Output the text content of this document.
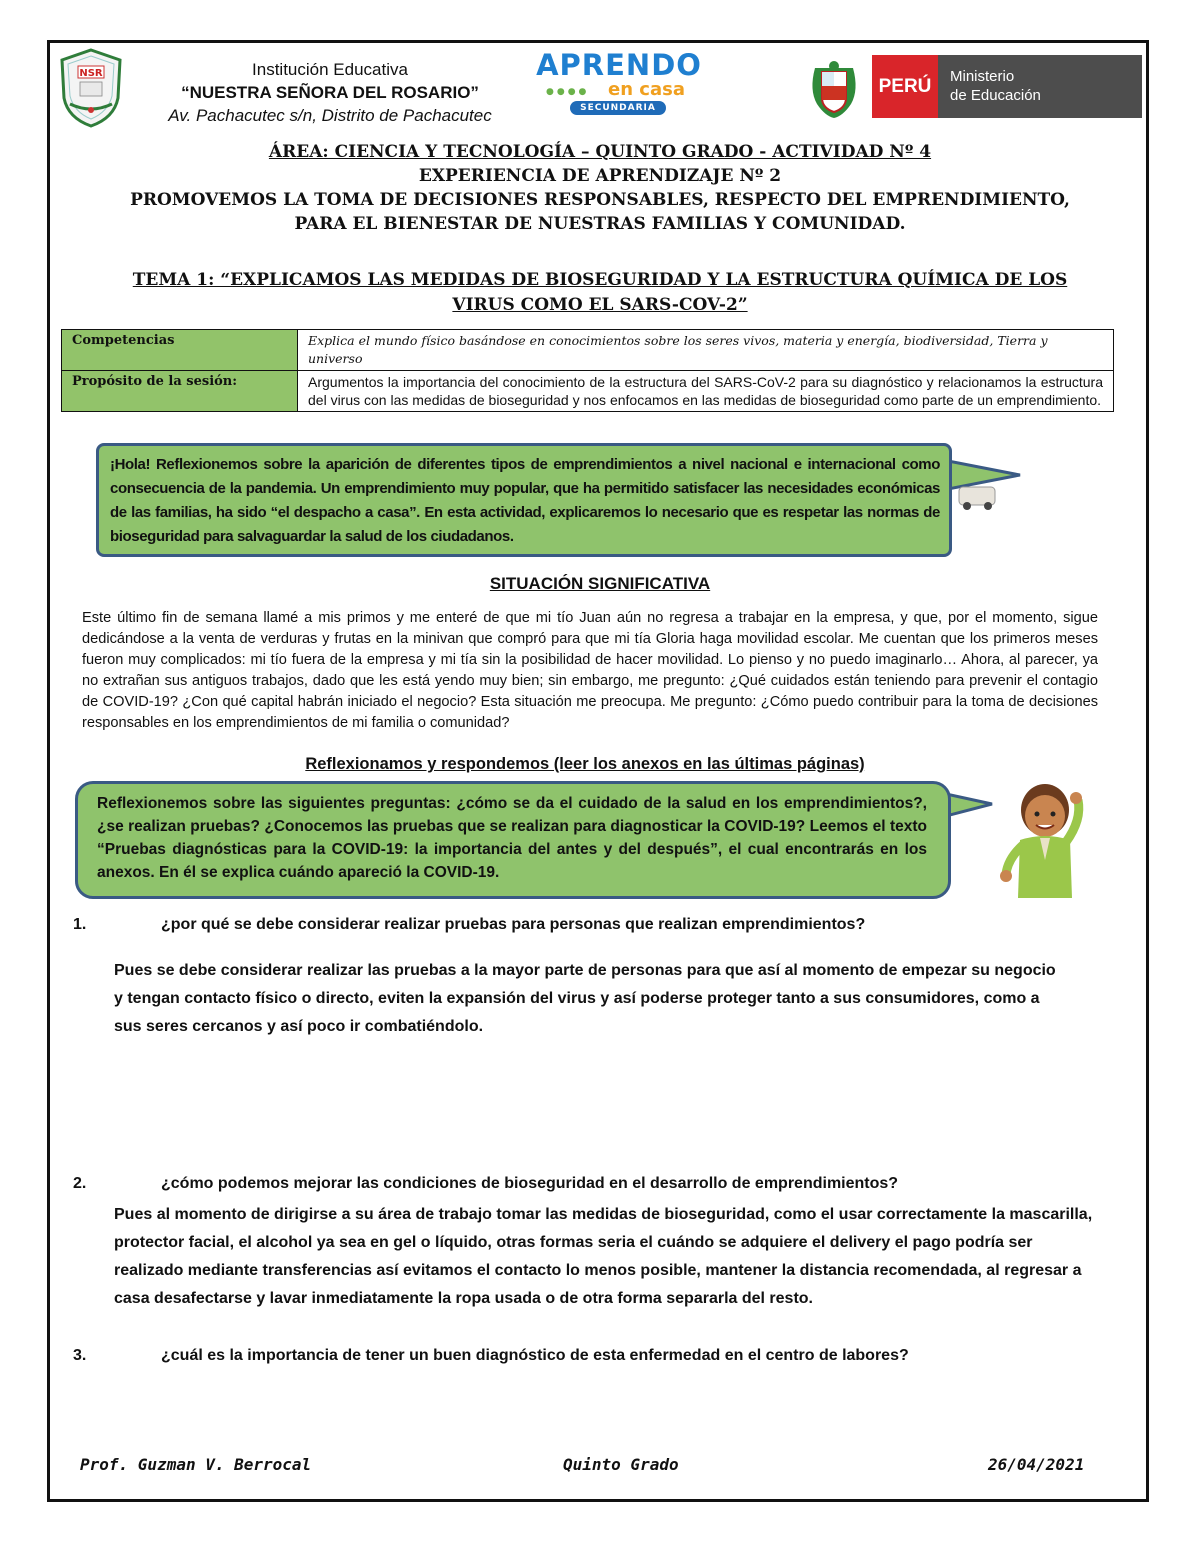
NSR	Institución Educativa
“NUESTRA SEÑORA DEL ROSARIO”
Av. Pachacutec s/n, Distrito de Pachacutec
APRENDO
●●●● en casa
SECUNDARIA
PERÚ	Ministerio
de Educación
ÁREA: CIENCIA Y TECNOLOGÍA – QUINTO GRADO - ACTIVIDAD Nº 4
EXPERIENCIA DE APRENDIZAJE Nº 2
PROMOVEMOS LA TOMA DE DECISIONES RESPONSABLES, RESPECTO DEL EMPRENDIMIENTO,
PARA EL BIENESTAR DE NUESTRAS FAMILIAS Y COMUNIDAD.
TEMA 1: “EXPLICAMOS LAS MEDIDAS DE BIOSEGURIDAD Y LA ESTRUCTURA QUÍMICA DE LOS
VIRUS COMO EL SARS-COV-2”
Competencias	Explica el mundo físico basándose en conocimientos sobre los seres vivos, materia y energía, biodiversidad, Tierra y universo
Propósito de la sesión:	Argumentos la importancia del conocimiento de la estructura del SARS-CoV-2 para su diagnóstico y relacionamos la estructura del virus con las medidas de bioseguridad y nos enfocamos en las medidas de bioseguridad como parte de un emprendimiento.
¡Hola! Reflexionemos sobre la aparición de diferentes tipos de emprendimientos a nivel nacional e internacional como consecuencia de la pandemia. Un emprendimiento muy popular, que ha permitido satisfacer las necesidades económicas de las familias, ha sido “el despacho a casa”. En esta actividad, explicaremos lo necesario que es respetar las normas de bioseguridad para salvaguardar la salud de los ciudadanos.
SITUACIÓN SIGNIFICATIVA
Este último fin de semana llamé a mis primos y me enteré de que mi tío Juan aún no regresa a trabajar en la empresa, y que, por el momento, sigue dedicándose a la venta de verduras y frutas en la minivan que compró para que mi tía Gloria haga movilidad escolar. Me cuentan que los primeros meses fueron muy complicados: mi tío fuera de la empresa y mi tía sin la posibilidad de hacer movilidad. Lo pienso y no puedo imaginarlo… Ahora, al parecer, ya no extrañan sus antiguos trabajos, dado que les está yendo muy bien; sin embargo, me pregunto: ¿Qué cuidados están teniendo para prevenir el contagio de COVID-19? ¿Con qué capital habrán iniciado el negocio? Esta situación me preocupa. Me pregunto: ¿Cómo puedo contribuir para la toma de decisiones responsables en los emprendimientos de mi familia o comunidad?
Reflexionamos y respondemos (leer los anexos en las últimas páginas)
Reflexionemos sobre las siguientes preguntas: ¿cómo se da el cuidado de la salud en los emprendimientos?, ¿se realizan pruebas? ¿Conocemos las pruebas que se realizan para diagnosticar la COVID-19? Leemos el texto “Pruebas diagnósticas para la COVID-19: la importancia del antes y del después”, el cual encontrarás en los anexos. En él se explica cuándo apareció la COVID-19.
1.	¿por qué se debe considerar realizar pruebas para personas que realizan emprendimientos?
Pues se debe considerar realizar las pruebas a la mayor parte de personas para que así al momento de empezar su negocio y tengan contacto físico o directo, eviten la expansión del virus y así poderse proteger tanto a sus consumidores, como a sus seres cercanos y así poco ir combatiéndolo.
2.	¿cómo podemos mejorar las condiciones de bioseguridad en el desarrollo de emprendimientos?
Pues al momento de dirigirse a su área de trabajo tomar las medidas de bioseguridad, como el usar correctamente la mascarilla, protector facial, el alcohol ya sea en gel o líquido, otras formas seria el cuándo se adquiere el delivery el pago podría ser realizado mediante transferencias así evitamos el contacto lo menos posible, mantener la distancia recomendada, al regresar a casa desafectarse y lavar inmediatamente la ropa usada o de otra forma separarla del resto.
3.	¿cuál es la importancia de tener un buen diagnóstico de esta enfermedad en el centro de labores?
Prof. Guzman V. Berrocal	Quinto Grado	26/04/2021
